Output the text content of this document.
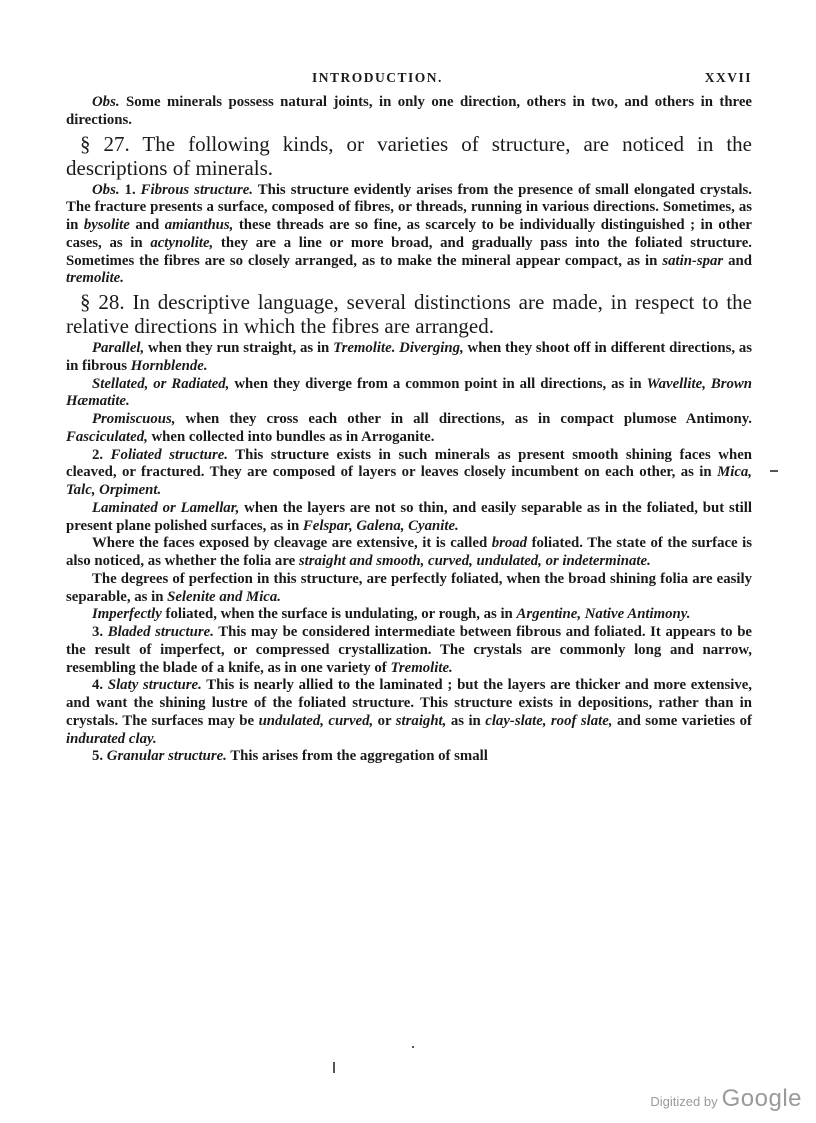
INTRODUCTION.	XXVII

Obs. Some minerals possess natural joints, in only one direction, others in two, and others in three directions.

§ 27. The following kinds, or varieties of structure, are noticed in the descriptions of minerals.

Obs. 1. Fibrous structure. This structure evidently arises from the presence of small elongated crystals. The fracture presents a surface, composed of fibres, or threads, running in various directions. Sometimes, as in bysolite and amianthus, these threads are so fine, as scarcely to be individually distinguished ; in other cases, as in actynolite, they are a line or more broad, and gradually pass into the foliated structure. Sometimes the fibres are so closely arranged, as to make the mineral appear compact, as in satin-spar and tremolite.

§ 28. In descriptive language, several distinctions are made, in respect to the relative directions in which the fibres are arranged.

Parallel, when they run straight, as in Tremolite. Diverging, when they shoot off in different directions, as in fibrous Hornblende.

Stellated, or Radiated, when they diverge from a common point in all directions, as in Wavellite, Brown Hæmatite.

Promiscuous, when they cross each other in all directions, as in compact plumose Antimony. Fasciculated, when collected into bundles as in Arroganite.

2. Foliated structure. This structure exists in such minerals as present smooth shining faces when cleaved, or fractured. They are composed of layers or leaves closely incumbent on each other, as in Mica, Talc, Orpiment.

Laminated or Lamellar, when the layers are not so thin, and easily separable as in the foliated, but still present plane polished surfaces, as in Felspar, Galena, Cyanite.

Where the faces exposed by cleavage are extensive, it is called broad foliated. The state of the surface is also noticed, as whether the folia are straight and smooth, curved, undulated, or indeterminate.

The degrees of perfection in this structure, are perfectly foliated, when the broad shining folia are easily separable, as in Selenite and Mica.

Imperfectly foliated, when the surface is undulating, or rough, as in Argentine, Native Antimony.

3. Bladed structure. This may be considered intermediate between fibrous and foliated. It appears to be the result of imperfect, or compressed crystallization. The crystals are commonly long and narrow, resembling the blade of a knife, as in one variety of Tremolite.

4. Slaty structure. This is nearly allied to the laminated ; but the layers are thicker and more extensive, and want the shining lustre of the foliated structure. This structure exists in depositions, rather than in crystals. The surfaces may be undulated, curved, or straight, as in clay-slate, roof slate, and some varieties of indurated clay.

5. Granular structure. This arises from the aggregation of small

Digitized by Google
